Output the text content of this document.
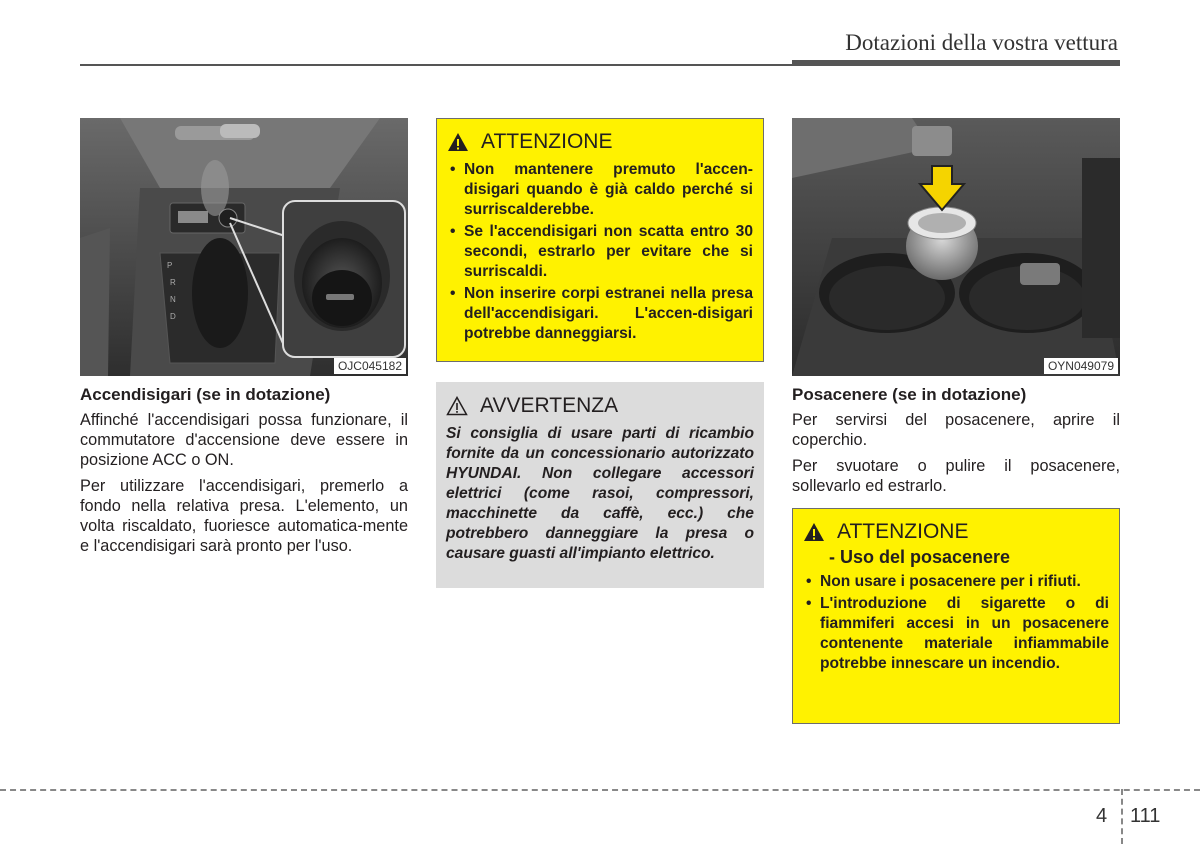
Dotazioni della vostra vettura
P
R
N
D
OJC045182
Accendisigari (se in dotazione)

Affinché l'accendisigari possa funzionare, il commutatore d'accensione deve essere in posizione ACC o ON.

Per utilizzare l'accendisigari, premerlo a fondo nella relativa presa. L'elemento, un volta riscaldato, fuoriesce automatica-mente e l'accendisigari sarà pronto per l'uso.

ATTENZIONE
• Non mantenere premuto l'accen-disigari quando è già caldo perché si surriscalderebbe.
• Se l'accendisigari non scatta entro 30 secondi, estrarlo per evitare che si surriscaldi.
• Non inserire corpi estranei nella presa dell'accendisigari. L'accen-disigari potrebbe danneggiarsi.
AVVERTENZA
Si consiglia di usare parti di ricambio fornite da un concessionario autorizzato HYUNDAI. Non collegare accessori elettrici (come rasoi, compressori, macchinette da caffè, ecc.) che potrebbero danneggiare la presa o causare guasti all'impianto elettrico.
OYN049079
Posacenere (se in dotazione)

Per servirsi del posacenere, aprire il coperchio.

Per svuotare o pulire il posacenere, sollevarlo ed estrarlo.

ATTENZIONE
- Uso del posacenere
• Non usare i posacenere per i rifiuti.
• L'introduzione di sigarette o di fiammiferi accesi in un posacenere contenente materiale infiammabile potrebbe innescare un incendio.
4 111
